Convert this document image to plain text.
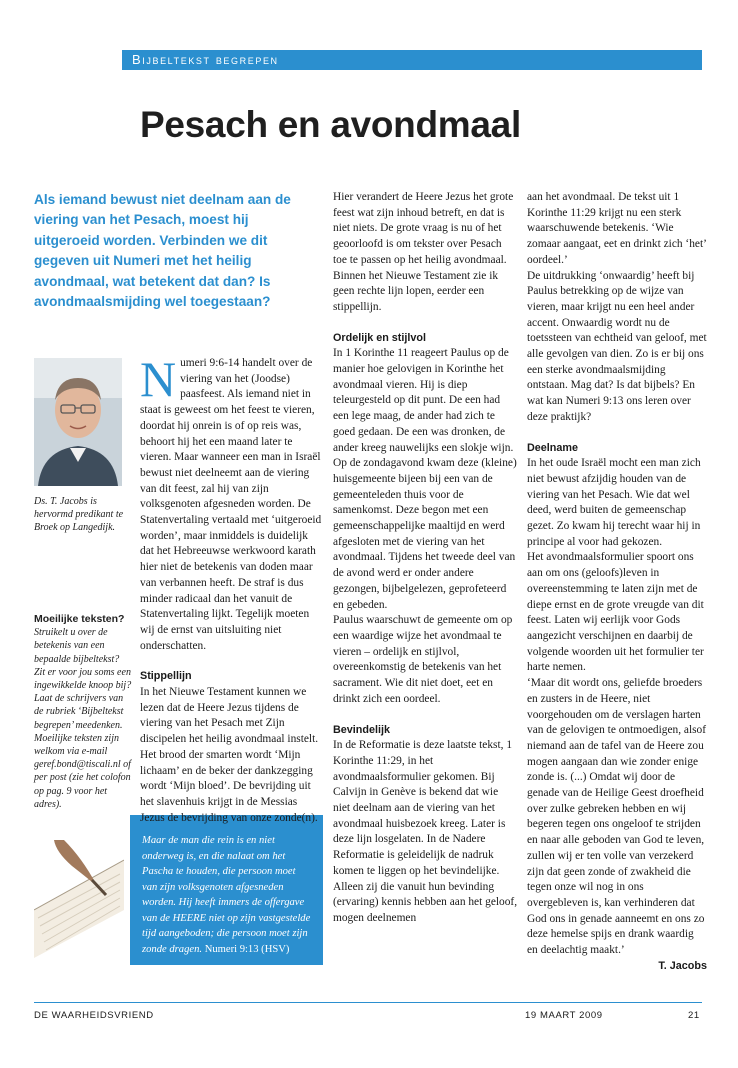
Bijbeltekst begrepen
Pesach en avondmaal

Als iemand bewust niet deelnam aan de viering van het Pesach, moest hij uitgeroeid worden. Verbinden we dit gegeven uit Numeri met het heilig avondmaal, wat betekent dat dan? Is avondmaalsmijding wel toegestaan?

Ds. T. Jacobs is hervormd predikant te Broek op Langedijk.

Moeilijke teksten?

Struikelt u over de betekenis van een bepaalde bijbeltekst? Zit er voor jou soms een ingewikkelde knoop bij? Laat de schrijvers van de rubriek ‘Bijbeltekst begrepen’ meedenken. Moeilijke teksten zijn welkom via e-mail geref.bond@tiscali.nl of per post (zie het colofon op pag. 9 voor het adres).

Maar de man die rein is en niet onderweg is, en die nalaat om het Pascha te houden, die persoon moet van zijn volksgenoten afgesneden worden. Hij heeft immers de offergave van de HEERE niet op zijn vastgestelde tijd aangeboden; die persoon moet zijn zonde dragen. Numeri 9:13 (HSV)

Numeri 9:6-14 handelt over de viering van het (Joodse) paasfeest. Als iemand niet in staat is geweest om het feest te vieren, doordat hij onrein is of op reis was, behoort hij het een maand later te vieren. Maar wanneer een man in Israël bewust niet deelneemt aan de viering van dit feest, zal hij van zijn volksgenoten afgesneden worden. De Statenvertaling vertaald met ‘uitgeroeid worden’, maar inmiddels is duidelijk dat het Hebreeuwse werkwoord karath hier niet de betekenis van doden maar van verbannen heeft. De straf is dus minder radicaal dan het vanuit de Statenvertaling lijkt. Tegelijk moeten wij de ernst van uitsluiting niet onderschatten.

Stippellijn

In het Nieuwe Testament kunnen we lezen dat de Heere Jezus tijdens de viering van het Pesach met Zijn discipelen het heilig avondmaal instelt. Het brood der smarten wordt ‘Mijn lichaam’ en de beker der dankzegging wordt ‘Mijn bloed’. De bevrijding uit het slavenhuis krijgt in de Messias Jezus de bevrijding van onze zonde(n).

Hier verandert de Heere Jezus het grote feest wat zijn inhoud betreft, en dat is niet niets. De grote vraag is nu of het geoorloofd is om tekster over Pesach toe te passen op het heilig avondmaal. Binnen het Nieuwe Testament zie ik geen rechte lijn lopen, eerder een stippellijn.

Ordelijk en stijlvol

In 1 Korinthe 11 reageert Paulus op de manier hoe gelovigen in Korinthe het avondmaal vieren. Hij is diep teleurgesteld op dit punt. De een had een lege maag, de ander had zich te goed gedaan. De een was dronken, de ander kreeg nauwelijks een slokje wijn. Op de zondagavond kwam deze (kleine) huisgemeente bijeen bij een van de gemeenteleden thuis voor de samenkomst. Deze begon met een gemeenschappelijke maaltijd en werd afgesloten met de viering van het avondmaal. Tijdens het tweede deel van de avond werd er onder andere gezongen, bijbelgelezen, geprofeteerd en gebeden.

Paulus waarschuwt de gemeente om op een waardige wijze het avondmaal te vieren – ordelijk en stijlvol, overeenkomstig de betekenis van het sacrament. Wie dit niet doet, eet en drinkt zich een oordeel.

Bevindelijk

In de Reformatie is deze laatste tekst, 1 Korinthe 11:29, in het avondmaalsformulier gekomen. Bij Calvijn in Genève is bekend dat wie niet deelnam aan de viering van het avondmaal huisbezoek kreeg. Later is deze lijn losgelaten. In de Nadere Reformatie is geleidelijk de nadruk komen te liggen op het bevindelijke. Alleen zij die vanuit hun bevinding (ervaring) kennis hebben aan het geloof, mogen deelnemen

aan het avondmaal. De tekst uit 1 Korinthe 11:29 krijgt nu een sterk waarschuwende betekenis. ‘Wie zomaar aangaat, eet en drinkt zich ‘het’ oordeel.’

De uitdrukking ‘onwaardig’ heeft bij Paulus betrekking op de wijze van vieren, maar krijgt nu een heel ander accent. Onwaardig wordt nu de toetssteen van echtheid van geloof, met alle gevolgen van dien. Zo is er bij ons een sterke avondmaalsmijding ontstaan. Mag dat? Is dat bijbels? En wat kan Numeri 9:13 ons leren over deze praktijk?

Deelname

In het oude Israël mocht een man zich niet bewust afzijdig houden van de viering van het Pesach. Wie dat wel deed, werd buiten de gemeenschap gezet. Zo kwam hij terecht waar hij in principe al voor had gekozen.

Het avondmaalsformulier spoort ons aan om ons (geloofs)leven in overeenstemming te laten zijn met de diepe ernst en de grote vreugde van dit feest. Laten wij eerlijk voor Gods aangezicht verschijnen en daarbij de volgende woorden uit het formulier ter harte nemen.

‘Maar dit wordt ons, geliefde broeders en zusters in de Heere, niet voorgehouden om de verslagen harten van de gelovigen te ontmoedigen, alsof niemand aan de tafel van de Heere zou mogen aangaan dan wie zonder enige zonde is. (...) Omdat wij door de genade van de Heilige Geest droefheid over zulke gebreken hebben en wij begeren tegen ons ongeloof te strijden en naar alle geboden van God te leven, zullen wij er ten volle van verzekerd zijn dat geen zonde of zwakheid die tegen onze wil nog in ons overgebleven is, kan verhinderen dat God ons in genade aanneemt en ons zo deze hemelse spijs en drank waardig en deelachtig maakt.’

T. Jacobs

DE WAARHEIDSVRIEND	19 MAART 2009	21
